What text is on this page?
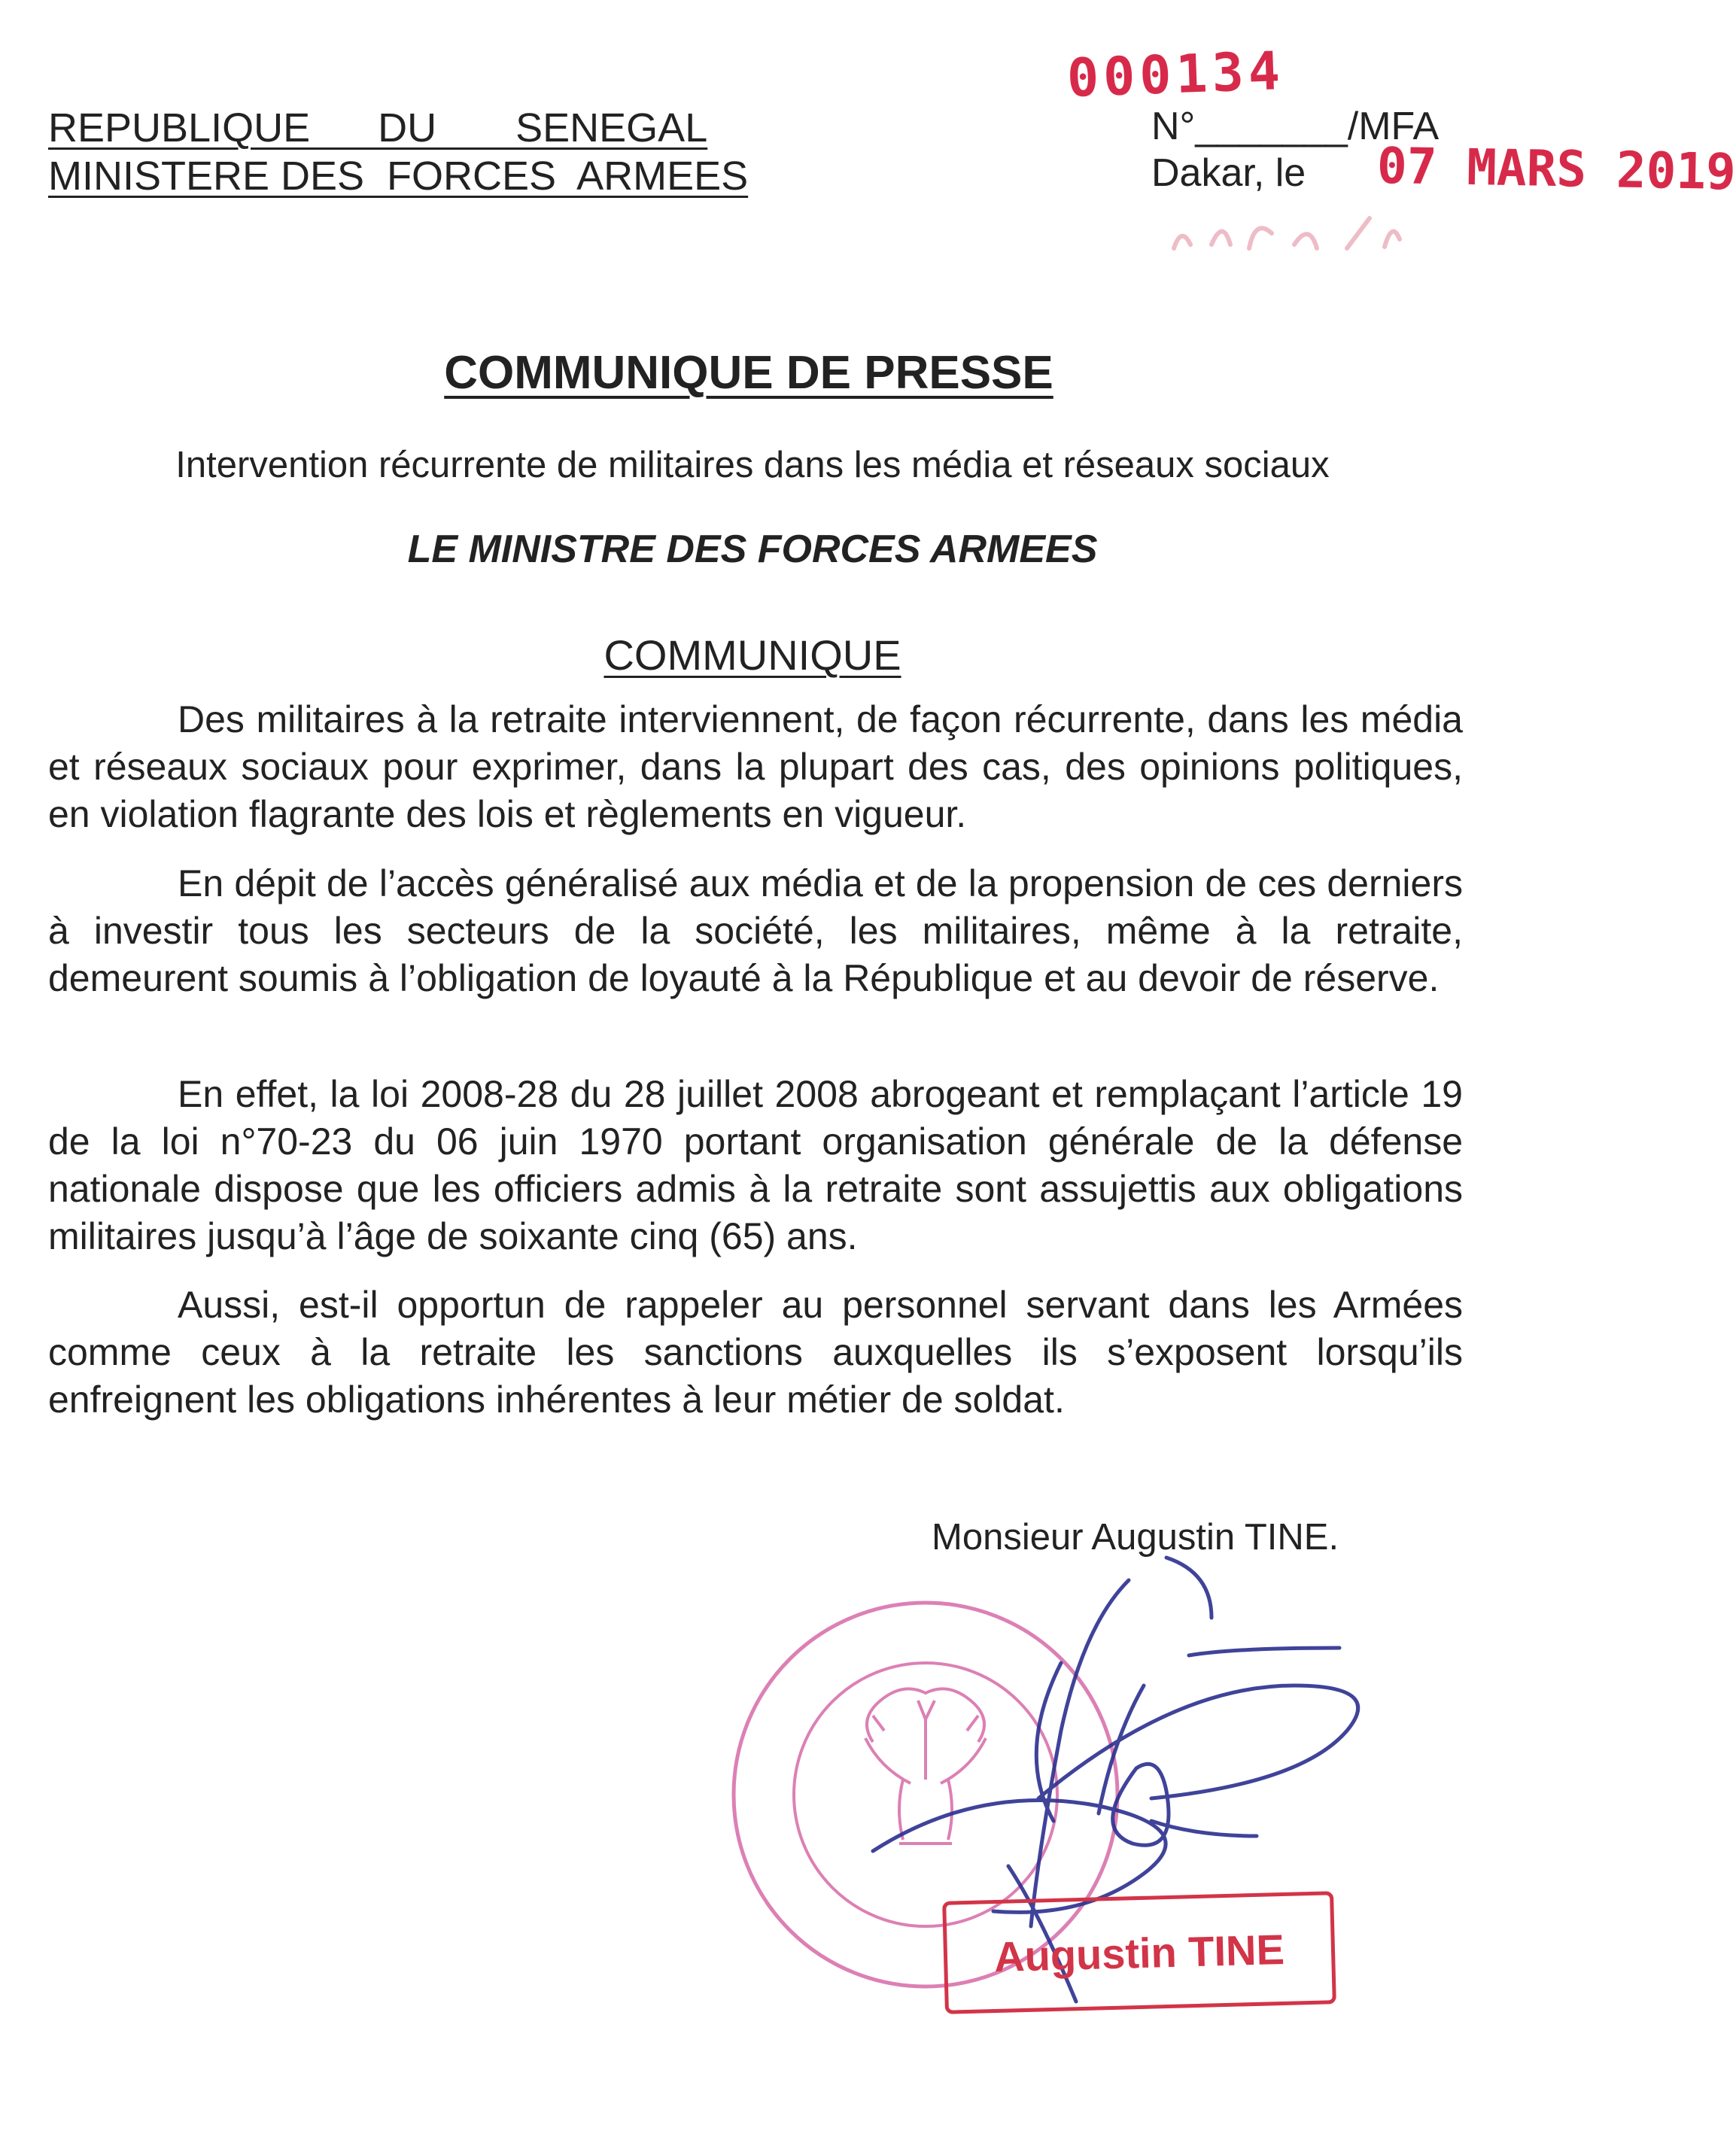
REPUBLIQUE      DU       SENEGAL
MINISTERE DES  FORCES  ARMEES
000134
N°_______/MFA
Dakar, le 07 MARS 2019
COMMUNIQUE DE PRESSE
Intervention récurrente de militaires dans les média et réseaux sociaux
LE MINISTRE DES FORCES ARMEES
COMMUNIQUE

Des militaires à la retraite interviennent, de façon récurrente, dans les média et réseaux sociaux pour exprimer, dans la plupart des cas, des opinions politiques, en violation flagrante des lois et règlements en vigueur.

En dépit de l’accès généralisé aux média et de la propension de ces derniers à investir tous les secteurs de la société, les militaires, même à la retraite, demeurent soumis à l’obligation de loyauté à la République et au devoir de réserve.

En effet, la loi 2008-28 du 28 juillet 2008 abrogeant et remplaçant l’article 19 de la loi n°70-23 du 06 juin 1970 portant organisation générale de la défense nationale dispose que les officiers admis à la retraite sont assujettis aux obligations militaires jusqu’à l’âge de soixante cinq (65) ans.

Aussi, est-il opportun de rappeler au personnel servant dans les Armées comme ceux à la retraite les sanctions auxquelles ils s’exposent lorsqu’ils enfreignent les obligations inhérentes à leur métier de soldat.

Monsieur Augustin TINE.
Augustin TINE
